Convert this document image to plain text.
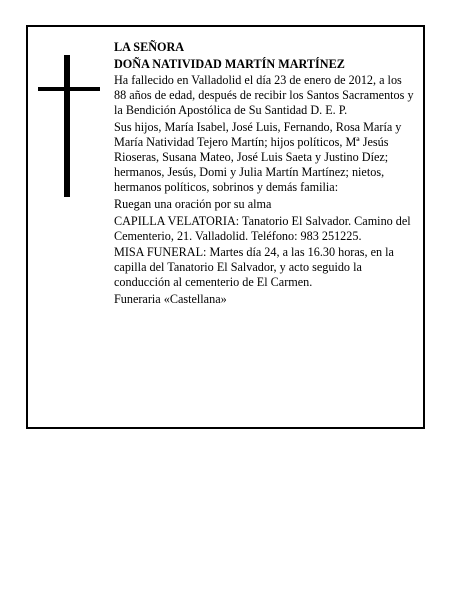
LA SEÑORA

DOÑA NATIVIDAD MARTÍN MARTÍNEZ

Ha fallecido en Valladolid el día 23 de enero de 2012, a los 88 años de edad, después de recibir los Santos Sacramentos y la Bendición Apostólica de Su Santidad D. E. P.

Sus hijos, María Isabel, José Luis, Fernando, Rosa María y María Natividad Tejero Martín; hijos políticos, Mª Jesús Rioseras, Susana Mateo, José Luis Saeta y Justino Díez; hermanos, Jesús, Domi y Julia Martín Martínez; nietos, hermanos políticos, sobrinos y demás familia:

Ruegan una oración por su alma

CAPILLA VELATORIA: Tanatorio El Salvador. Camino del Cementerio, 21. Valladolid. Teléfono: 983 251225.

MISA FUNERAL: Martes día 24, a las 16.30 horas, en la capilla del Tanatorio El Salvador, y acto seguido la conducción al cementerio de El Carmen.

Funeraria «Castellana»
